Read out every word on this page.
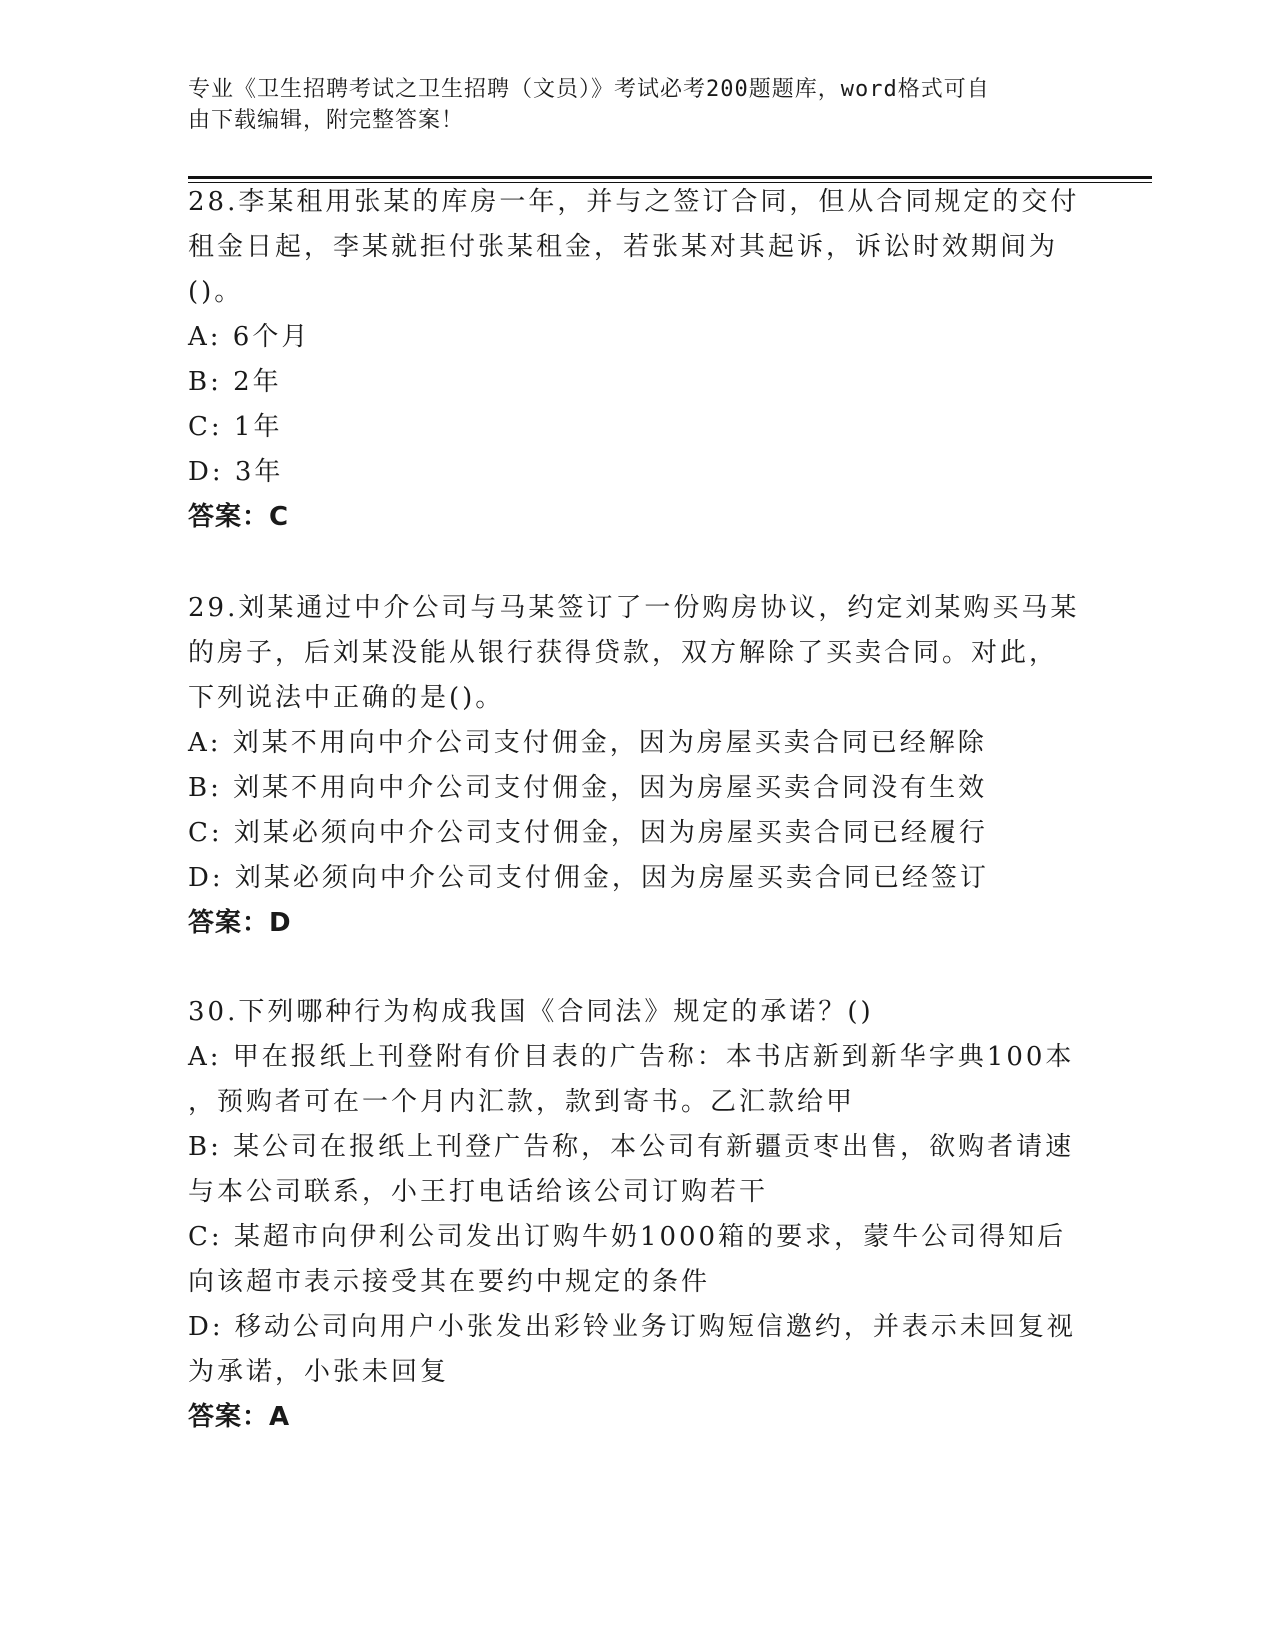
专业《卫生招聘考试之卫生招聘（文员）》考试必考200题题库，word格式可自
由下载编辑，附完整答案！
28.李某租用张某的库房一年，并与之签订合同，但从合同规定的交付
租金日起，李某就拒付张某租金，若张某对其起诉，诉讼时效期间为
()。
A: 6个月
B: 2年
C: 1年
D: 3年
答案：C
29.刘某通过中介公司与马某签订了一份购房协议，约定刘某购买马某
的房子，后刘某没能从银行获得贷款，双方解除了买卖合同。对此，
下列说法中正确的是()。
A: 刘某不用向中介公司支付佣金，因为房屋买卖合同已经解除
B: 刘某不用向中介公司支付佣金，因为房屋买卖合同没有生效
C: 刘某必须向中介公司支付佣金，因为房屋买卖合同已经履行
D: 刘某必须向中介公司支付佣金，因为房屋买卖合同已经签订
答案：D
30.下列哪种行为构成我国《合同法》规定的承诺？()
A: 甲在报纸上刊登附有价目表的广告称：本书店新到新华字典100本
，预购者可在一个月内汇款，款到寄书。乙汇款给甲
B: 某公司在报纸上刊登广告称，本公司有新疆贡枣出售，欲购者请速
与本公司联系，小王打电话给该公司订购若干
C: 某超市向伊利公司发出订购牛奶1000箱的要求，蒙牛公司得知后
向该超市表示接受其在要约中规定的条件
D: 移动公司向用户小张发出彩铃业务订购短信邀约，并表示未回复视
为承诺，小张未回复
答案：A
